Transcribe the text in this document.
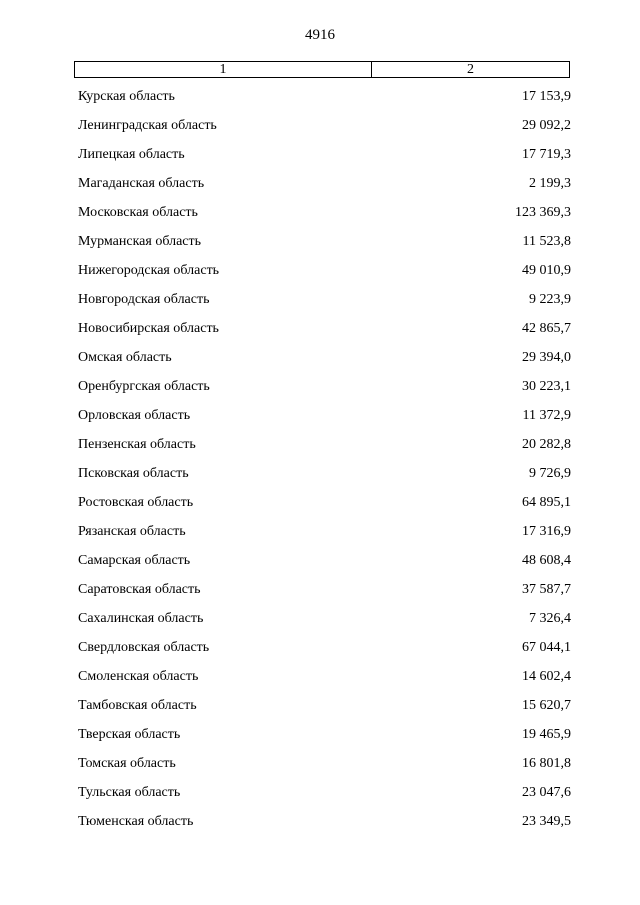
4916
1	2
Курская область	17 153,9
Ленинградская область	29 092,2
Липецкая область	17 719,3
Магаданская область	2 199,3
Московская область	123 369,3
Мурманская область	11 523,8
Нижегородская область	49 010,9
Новгородская область	9 223,9
Новосибирская область	42 865,7
Омская область	29 394,0
Оренбургская область	30 223,1
Орловская область	11 372,9
Пензенская область	20 282,8
Псковская область	9 726,9
Ростовская область	64 895,1
Рязанская область	17 316,9
Самарская область	48 608,4
Саратовская область	37 587,7
Сахалинская область	7 326,4
Свердловская область	67 044,1
Смоленская область	14 602,4
Тамбовская область	15 620,7
Тверская область	19 465,9
Томская область	16 801,8
Тульская область	23 047,6
Тюменская область	23 349,5
